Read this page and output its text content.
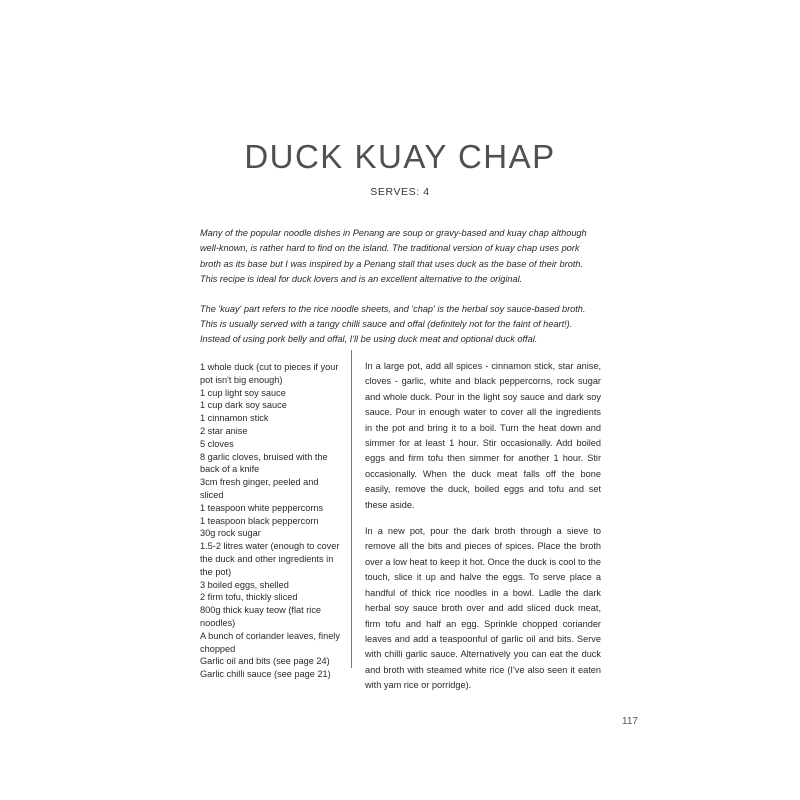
DUCK KUAY CHAP
SERVES: 4

Many of the popular noodle dishes in Penang are soup or gravy-based and kuay chap although well-known, is rather hard to find on the island. The traditional version of kuay chap uses pork broth as its base but I was inspired by a Penang stall that uses duck as the base of their broth. This recipe is ideal for duck lovers and is an excellent alternative to the original.

The 'kuay' part refers to the rice noodle sheets, and 'chap' is the herbal soy sauce-based broth. This is usually served with a tangy chilli sauce and offal (definitely not for the faint of heart!). Instead of using pork belly and offal, I'll be using duck meat and optional duck offal.

1 whole duck (cut to pieces if your pot isn't big enough)
1 cup light soy sauce
1 cup dark soy sauce
1 cinnamon stick
2 star anise
5 cloves
8 garlic cloves, bruised with the back of a knife
3cm fresh ginger, peeled and sliced
1 teaspoon white peppercorns
1 teaspoon black peppercorn
30g rock sugar
1.5-2 litres water (enough to cover the duck and other ingredients in the pot)
3 boiled eggs, shelled
2 firm tofu, thickly sliced
800g thick kuay teow (flat rice noodles)
A bunch of coriander leaves, finely chopped
Garlic oil and bits (see page 24)
Garlic chilli sauce (see page 21)

In a large pot, add all spices - cinnamon stick, star anise, cloves - garlic, white and black peppercorns, rock sugar and whole duck. Pour in the light soy sauce and dark soy sauce. Pour in enough water to cover all the ingredients in the pot and bring it to a boil. Turn the heat down and simmer for at least 1 hour. Stir occasionally. Add boiled eggs and firm tofu then simmer for another 1 hour. Stir occasionally. When the duck meat falls off the bone easily, remove the duck, boiled eggs and tofu and set these aside.

In a new pot, pour the dark broth through a sieve to remove all the bits and pieces of spices. Place the broth over a low heat to keep it hot. Once the duck is cool to the touch, slice it up and halve the eggs. To serve place a handful of thick rice noodles in a bowl. Ladle the dark herbal soy sauce broth over and add sliced duck meat, firm tofu and half an egg. Sprinkle chopped coriander leaves and add a teaspoonful of garlic oil and bits. Serve with chilli garlic sauce. Alternatively you can eat the duck and broth with steamed white rice (I've also seen it eaten with yam rice or porridge).

117
